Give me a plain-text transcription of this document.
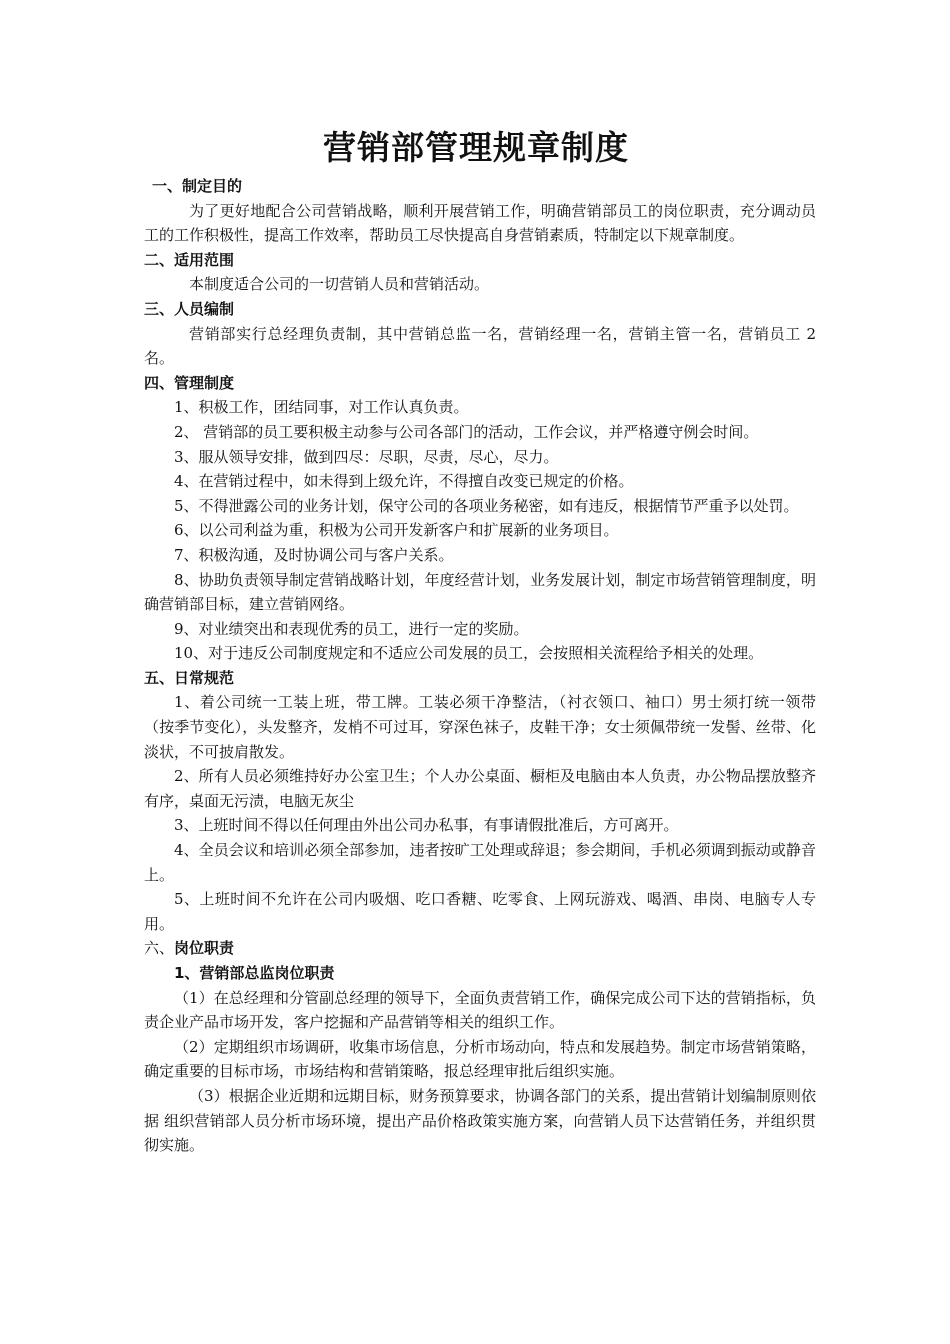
营销部管理规章制度

一、制定目的

为了更好地配合公司营销战略，顺利开展营销工作，明确营销部员工的岗位职责，充分调动员工的工作积极性，提高工作效率，帮助员工尽快提高自身营销素质，特制定以下规章制度。

二、适用范围

本制度适合公司的一切营销人员和营销活动。

三、人员编制

营销部实行总经理负责制，其中营销总监一名，营销经理一名，营销主管一名，营销员工 2 名。

四、管理制度

1、积极工作，团结同事，对工作认真负责。

2、 营销部的员工要积极主动参与公司各部门的活动，工作会议，并严格遵守例会时间。

3、服从领导安排，做到四尽：尽职，尽责，尽心，尽力。

4、在营销过程中，如未得到上级允许，不得擅自改变已规定的价格。

5、不得泄露公司的业务计划，保守公司的各项业务秘密，如有违反，根据情节严重予以处罚。

6、以公司利益为重，积极为公司开发新客户和扩展新的业务项目。

7、积极沟通，及时协调公司与客户关系。

8、协助负责领导制定营销战略计划，年度经营计划，业务发展计划，制定市场营销管理制度，明确营销部目标，建立营销网络。

9、对业绩突出和表现优秀的员工，进行一定的奖励。

10、对于违反公司制度规定和不适应公司发展的员工，会按照相关流程给予相关的处理。

五、日常规范

1、着公司统一工装上班，带工牌。工装必须干净整洁，（衬衣领口、袖口）男士须打统一领带（按季节变化），头发整齐，发梢不可过耳，穿深色袜子，皮鞋干净；女士须佩带统一发髻、丝带、化淡状，不可披肩散发。

2、所有人员必须维持好办公室卫生；个人办公桌面、橱柜及电脑由本人负责，办公物品摆放整齐有序，桌面无污渍，电脑无灰尘

3、上班时间不得以任何理由外出公司办私事，有事请假批准后，方可离开。

4、全员会议和培训必须全部参加，违者按旷工处理或辞退；参会期间，手机必须调到振动或静音上。

5、上班时间不允许在公司内吸烟、吃口香糖、吃零食、上网玩游戏、喝酒、串岗、电脑专人专用。

六、岗位职责

1、营销部总监岗位职责

（1）在总经理和分管副总经理的领导下，全面负责营销工作，确保完成公司下达的营销指标，负责企业产品市场开发，客户挖掘和产品营销等相关的组织工作。

（2）定期组织市场调研，收集市场信息，分析市场动向，特点和发展趋势。制定市场营销策略，确定重要的目标市场，市场结构和营销策略，报总经理审批后组织实施。

（3）根据企业近期和远期目标，财务预算要求，协调各部门的关系，提出营销计划编制原则依据 组织营销部人员分析市场环境，提出产品价格政策实施方案，向营销人员下达营销任务，并组织贯彻实施。
